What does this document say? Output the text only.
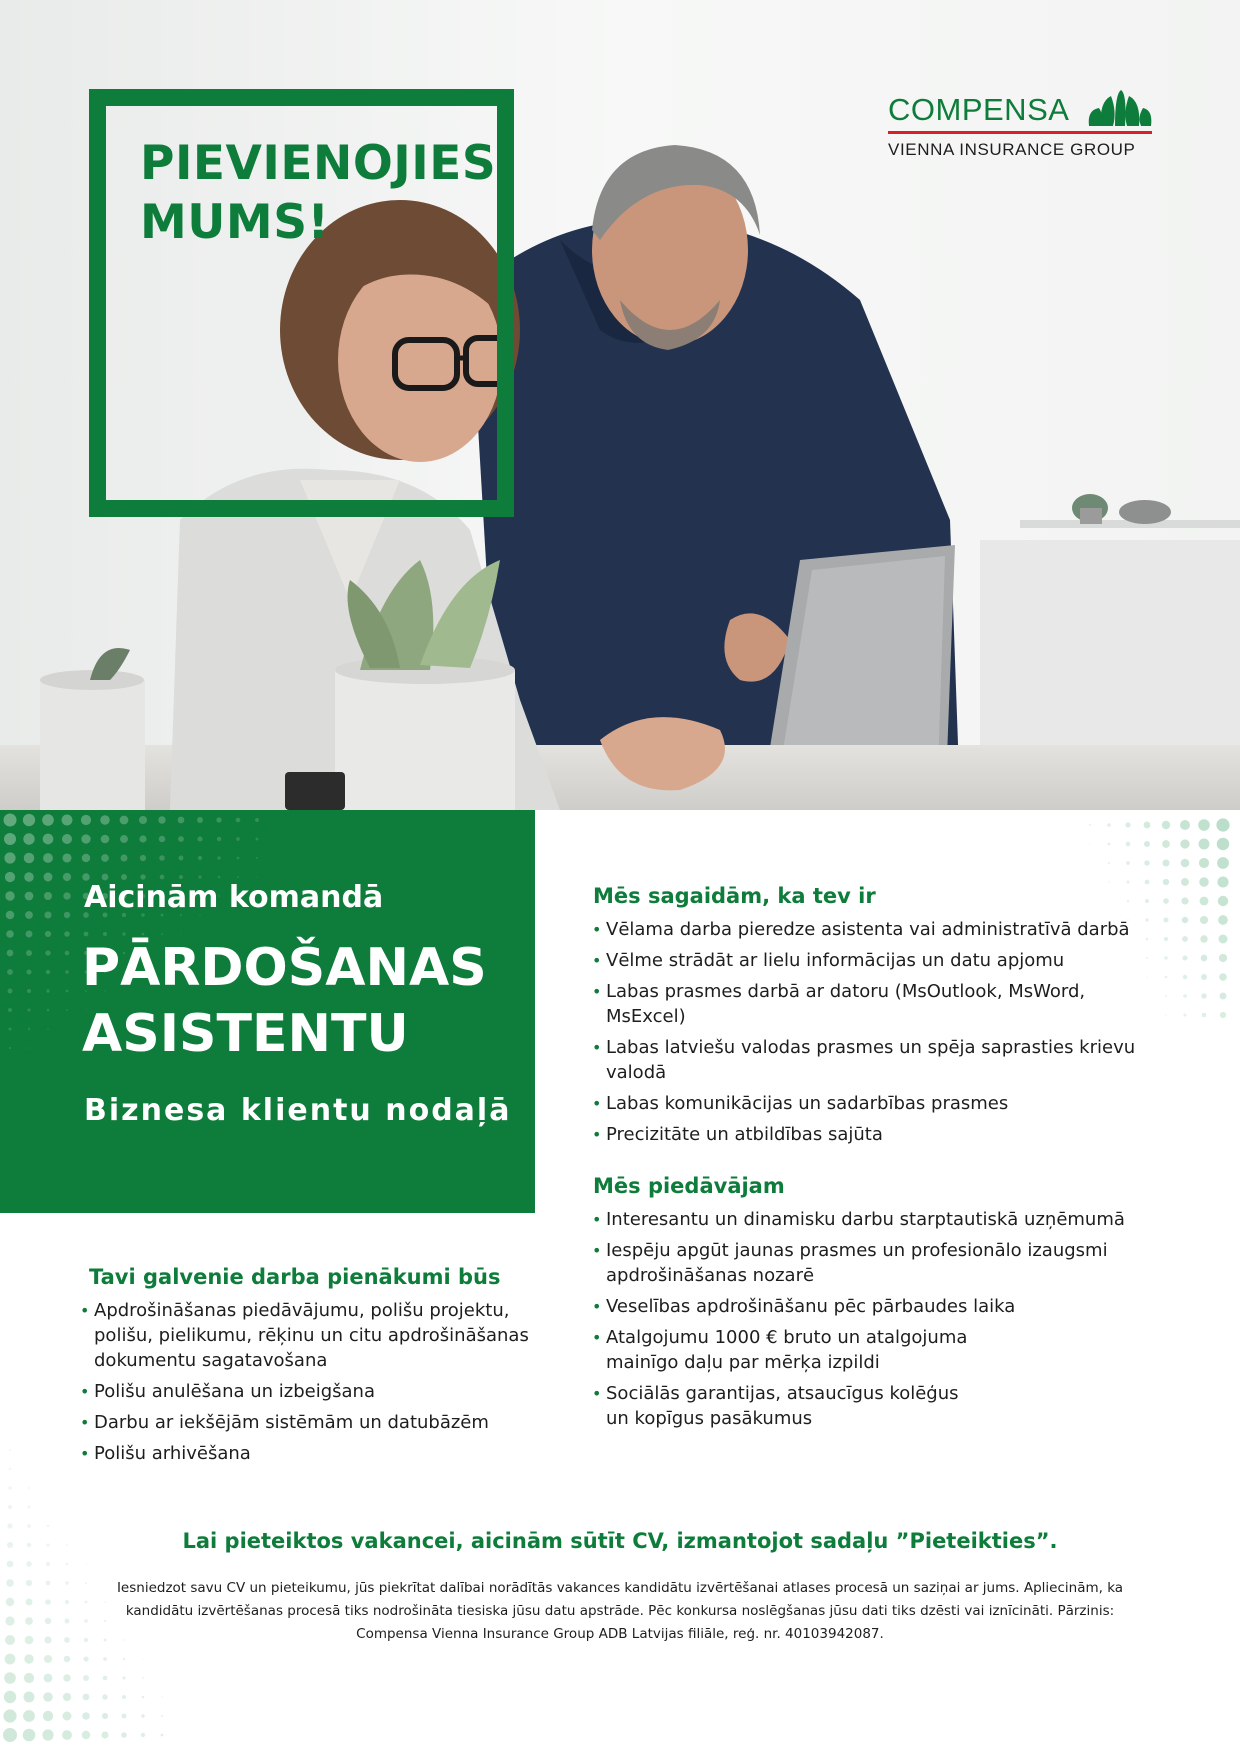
PIEVIENOJIES
MUMS!

COMPENSA
VIENNA INSURANCE GROUP

Aicinām komandā

PĀRDOŠANAS
ASISTENTU

Biznesa klientu nodaļā

Tavi galvenie darba pienākumi būs
• Apdrošināšanas piedāvājumu, polišu projektu, polišu, pielikumu, rēķinu un citu apdrošināšanas dokumentu sagatavošana
• Polišu anulēšana un izbeigšana
• Darbu ar iekšējām sistēmām un datubāzēm
• Polišu arhivēšana
Mēs sagaidām, ka tev ir
• Vēlama darba pieredze asistenta vai administratīvā darbā
• Vēlme strādāt ar lielu informācijas un datu apjomu
• Labas prasmes darbā ar datoru (MsOutlook, MsWord, MsExcel)
• Labas latviešu valodas prasmes un spēja saprasties krievu valodā
• Labas komunikācijas un sadarbības prasmes
• Precizitāte un atbildības sajūta
Mēs piedāvājam
• Interesantu un dinamisku darbu starptautiskā uzņēmumā
• Iespēju apgūt jaunas prasmes un profesionālo izaugsmi apdrošināšanas nozarē
• Veselības apdrošināšanu pēc pārbaudes laika
• Atalgojumu 1000 € bruto un atalgojuma mainīgo daļu par mērķa izpildi
• Sociālās garantijas, atsaucīgus kolēģus un kopīgus pasākumus

Lai pieteiktos vakancei, aicinām sūtīt CV, izmantojot sadaļu ”Pieteikties”.

Iesniedzot savu CV un pieteikumu, jūs piekrītat dalībai norādītās vakances kandidātu izvērtēšanai atlases procesā un saziņai ar jums. Apliecinām, ka kandidātu izvērtēšanas procesā tiks nodrošināta tiesiska jūsu datu apstrāde. Pēc konkursa noslēgšanas jūsu dati tiks dzēsti vai iznīcināti. Pārzinis: Compensa Vienna Insurance Group ADB Latvijas filiāle, reģ. nr. 40103942087.
